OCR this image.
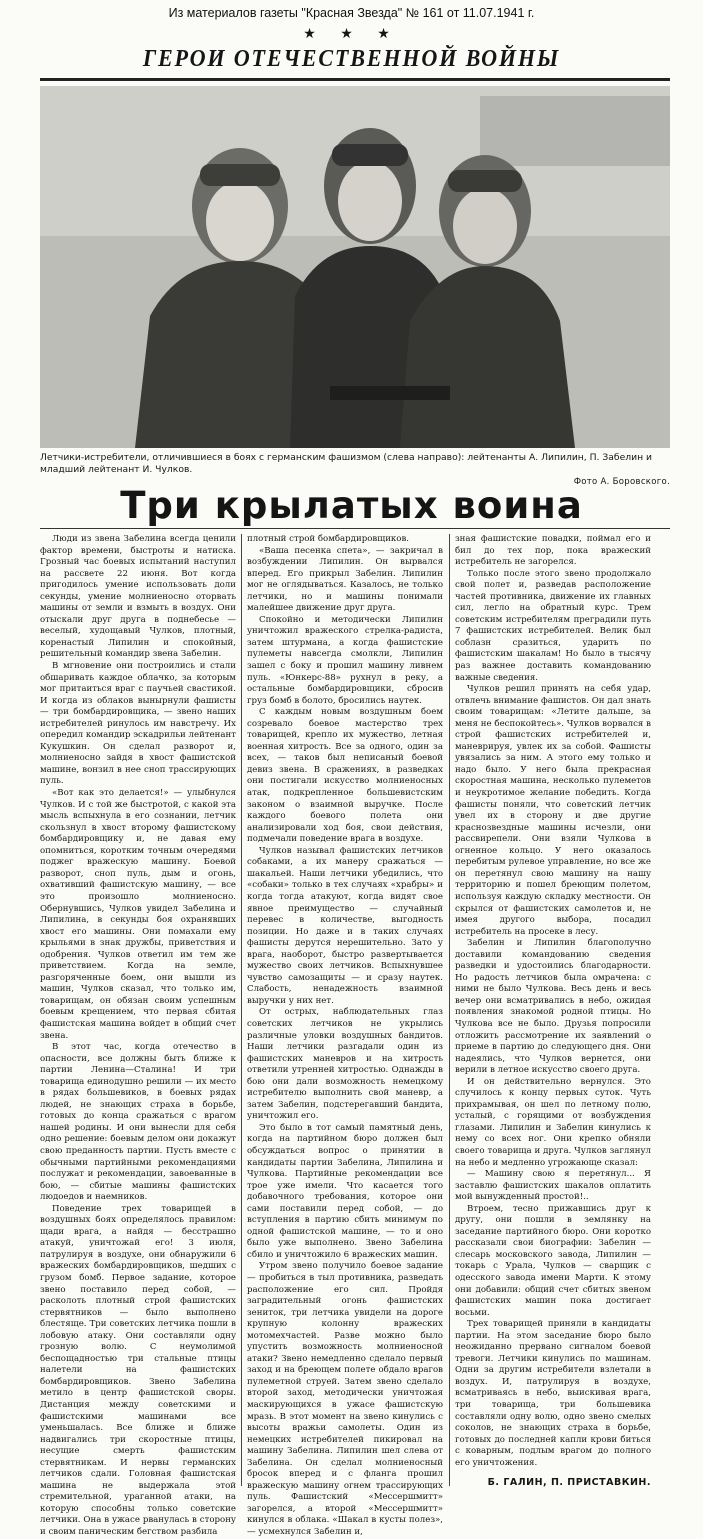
Из материалов газеты "Красная Звезда" № 161 от 11.07.1941 г.
★ ★ ★
ГЕРОИ ОТЕЧЕСТВЕННОЙ ВОЙНЫ
Летчики-истребители, отличившиеся в боях с германским фашизмом (слева направо): лейтенанты А. Липилин, П. Забелин и младший лейтенант И. Чулков.
Фото А. Боровского.
Три крылатых воина

Люди из звена Забелина всегда ценили фактор времени, быстроты и натиска. Грозный час боевых испытаний наступил на рассвете 22 июня. Вот когда пригодилось умение использовать доли секунды, умение молниеносно оторвать машины от земли и взмыть в воздух. Они отыскали друг друга в поднебесье — веселый, худощавый Чулков, плотный, коренастый Липилин и спокойный, решительный командир звена Забелин.

В мгновение они построились и стали обшаривать каждое облачко, за которым мог притаиться враг с паучьей свастикой. И когда из облаков вынырнули фашисты — три бомбардировщика, — звено наших истребителей ринулось им навстречу. Их опередил командир эскадрильи лейтенант Кукушкин. Он сделал разворот и, молниеносно зайдя в хвост фашистской машине, вонзил в нее сноп трассирующих пуль.

«Вот как это делается!» — улыбнулся Чулков. И с той же быстротой, с какой эта мысль вспыхнула в его сознании, летчик скользнул в хвост второму фашистскому бомбардировщику и, не давая ему опомниться, коротким точным очередями поджег вражескую машину. Боевой разворот, сноп пуль, дым и огонь, охвативший фашистскую машину, — все это произошло молниеносно. Обернувшись, Чулков увидел Забелина и Липилина, в секунды боя охранявших хвост его машины. Они помахали ему крыльями в знак дружбы, приветствия и одобрения. Чулков ответил им тем же приветствием. Когда на земле, разгоряченные боем, они вышли из машин, Чулков сказал, что только им, товарищам, он обязан своим успешным боевым крещением, что первая сбитая фашистская машина войдет в общий счет звена.

В этот час, когда отечество в опасности, все должны быть ближе к партии Ленина—Сталина! И три товарища единодушно решили — их место в рядах большевиков, в боевых рядах людей, не знающих страха в борьбе, готовых до конца сражаться с врагом нашей родины. И они вынесли для себя одно решение: боевым делом они докажут свою преданность партии. Пусть вместе с обычными партийными рекомендациями послужат и рекомендации, завоеванные в бою, — сбитые машины фашистских людоедов и наемников.

Поведение трех товарищей в воздушных боях определялось правилом: щади врага, а найдя — бесстрашно атакуй, уничтожай его! 3 июля, патрулируя в воздухе, они обнаружили 6 вражеских бомбардировщиков, шедших с грузом бомб. Первое задание, которое звено поставило перед собой, — расколоть плотный строй фашистских стервятников — было выполнено блестяще. Три советских летчика пошли в лобовую атаку. Они составляли одну грозную волю. С неумолимой беспощадностью три стальные птицы налетели на фашистских бомбардировщиков. Звено Забелина метило в центр фашистской своры. Дистанция между советскими и фашистскими машинами все уменьшалась. Все ближе и ближе надвигались три скоростные птицы, несущие смерть фашистским стервятникам. И нервы германских летчиков сдали. Головная фашистская машина не выдержала этой стремительной, ураганной атаки, на которую способны только советские летчики. Она в ужасе рванулась в сторону и своим паническим бегством разбила

плотный строй бомбардировщиков.

«Ваша песенка спета», — закричал в возбуждении Липилин. Он вырвался вперед. Его прикрыл Забелин. Липилин мог не оглядываться. Казалось, не только летчики, но и машины понимали малейшее движение друг друга.

Спокойно и методически Липилин уничтожил вражеского стрелка-радиста, затем штурмана, а когда фашистские пулеметы навсегда смолкли, Липилин зашел с боку и прошил машину ливнем пуль. «Юнкерс-88» рухнул в реку, а остальные бомбардировщики, сбросив груз бомб в болото, бросились наутек.

С каждым новым воздушным боем созревало боевое мастерство трех товарищей, крепло их мужество, летная военная хитрость. Все за одного, один за всех, — таков был неписаный боевой девиз звена. В сражениях, в разведках они постигали искусство молниеносных атак, подкрепленное большевистским законом о взаимной выручке. После каждого боевого полета они анализировали ход боя, свои действия, подмечали поведение врага в воздухе.

Чулков называл фашистских летчиков собаками, а их манеру сражаться — шакальей. Наши летчики убедились, что «собаки» только в тех случаях «храбры» и когда тогда атакуют, когда видят свое явное преимущество — случайный перевес в количестве, выгодность позиции. Но даже и в таких случаях фашисты дерутся нерешительно. Зато у врага, наоборот, быстро развертывается мужество своих летчиков. Вспыхнувшее чувство самозащиты — и сразу наутек. Слабость, ненадежность взаимной выручки у них нет.

От острых, наблюдательных глаз советских летчиков не укрылись различные уловки воздушных бандитов. Наши летчики разгадали один из фашистских маневров и на хитрость ответили утренней хитростью. Однажды в бою они дали возможность немецкому истребителю выполнить свой маневр, а затем Забелин, подстерегавший бандита, уничтожил его.

Это было в тот самый памятный день, когда на партийном бюро должен был обсуждаться вопрос о принятии в кандидаты партии Забелина, Липилина и Чулкова. Партийные рекомендации все трое уже имели. Что касается того добавочного требования, которое они сами поставили перед собой, — до вступления в партию сбить минимум по одной фашистской машине, — то и оно было уже выполнено. Звено Забелина сбило и уничтожило 6 вражеских машин.

Утром звено получило боевое задание — пробиться в тыл противника, разведать расположение его сил. Пройдя заградительный огонь фашистских зениток, три летчика увидели на дороге крупную колонну вражеских мотомехчастей. Разве можно было упустить возможность молниеносной атаки? Звено немедленно сделало первый заход и на бреющем полете обдало врагов пулеметной струей. Затем звено сделало второй заход, методически уничтожая маскирующихся в ужасе фашистскую мразь. В этот момент на звено кинулись с высоты вражьи самолеты. Один из немецких истребителей пикировал на машину Забелина. Липилин шел слева от Забелина. Он сделал молниеносный бросок вперед и с фланга прошил вражескую машину огнем трассирующих пуль. Фашистский «Мессершмитт» загорелся, а второй «Мессершмитт» кинулся в облака. «Шакал в кусты полез», — усмехнулся Забелин и,

зная фашистские повадки, поймал его и бил до тех пор, пока вражеский истребитель не загорелся.

Только после этого звено продолжало свой полет и, разведав расположение частей противника, движение их главных сил, легло на обратный курс. Трем советским истребителям преградили путь 7 фашистских истребителей. Велик был соблазн сразиться, ударить по фашистским шакалам! Но было в тысячу раз важнее доставить командованию важные сведения.

Чулков решил принять на себя удар, отвлечь внимание фашистов. Он дал знать своим товарищам: «Летите дальше, за меня не беспокойтесь». Чулков ворвался в строй фашистских истребителей и, маневрируя, увлек их за собой. Фашисты увязались за ним. А этого ему только и надо было. У него была прекрасная скоростная машина, несколько пулеметов и неукротимое желание победить. Когда фашисты поняли, что советский летчик увел их в сторону и две другие краснозвездные машины исчезли, они рассвирепели. Они взяли Чулкова в огненное кольцо. У него оказалось перебитым рулевое управление, но все же он перетянул свою машину на нашу территорию и пошел бреющим полетом, используя каждую складку местности. Он скрылся от фашистских самолетов и, не имея другого выбора, посадил истребитель на просеке в лесу.

Забелин и Липилин благополучно доставили командованию сведения разведки и удостоились благодарности. Но радость летчиков была омрачена: с ними не было Чулкова. Весь день и весь вечер они всматривались в небо, ожидая появления знакомой родной птицы. Но Чулкова все не было. Друзья попросили отложить рассмотрение их заявлений о приеме в партию до следующего дня. Они надеялись, что Чулков вернется, они верили в летное искусство своего друга.

И он действительно вернулся. Это случилось к концу первых суток. Чуть прихрамывая, он шел по летному полю, усталый, с горящими от возбуждения глазами. Липилин и Забелин кинулись к нему со всех ног. Они крепко обняли своего товарища и друга. Чулков заглянул на небо и медленно угрожающе сказал:

— Машину свою я перетянул... Я заставлю фашистских шакалов оплатить мой вынужденный простой!..

Втроем, тесно прижавшись друг к другу, они пошли в землянку на заседание партийного бюро. Они коротко рассказали свои биографии: Забелин — слесарь московского завода, Липилин — токарь с Урала, Чулков — сварщик с одесского завода имени Марти. К этому они добавили: общий счет сбитых звеном фашистских машин пока достигает восьми.

Трех товарищей приняли в кандидаты партии. На этом заседание бюро было неожиданно прервано сигналом боевой тревоги. Летчики кинулись по машинам. Одни за другим истребители взлетали в воздух. И, патрулируя в воздухе, всматриваясь в небо, выискивая врага, три товарища, три большевика составляли одну волю, одно звено смелых соколов, не знающих страха в борьбе, готовых до последней капли крови биться с коварным, подлым врагом до полного его уничтожения.

Б. ГАЛИН, П. ПРИСТАВКИН.
